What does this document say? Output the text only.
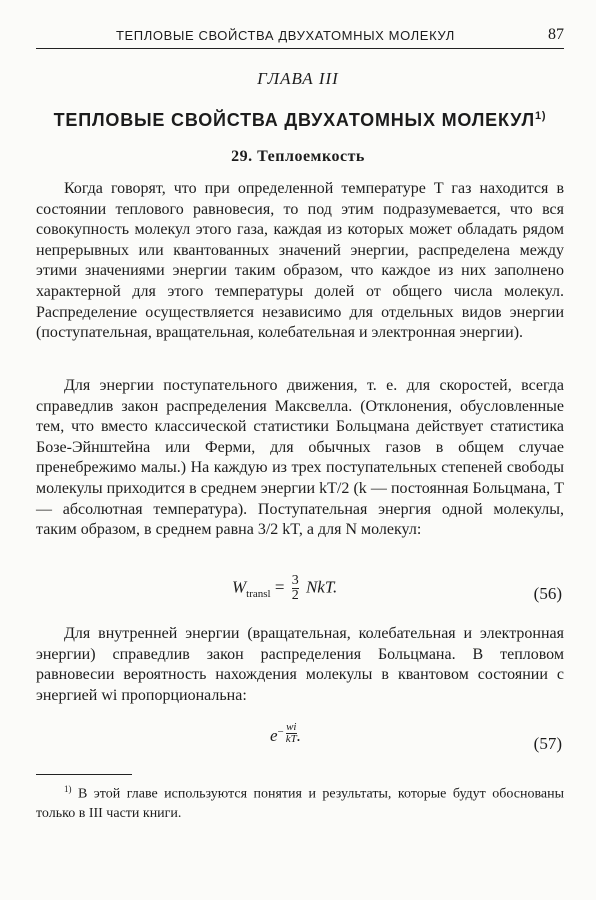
ТЕПЛОВЫЕ СВОЙСТВА ДВУХАТОМНЫХ МОЛЕКУЛ	87
ГЛАВА III
ТЕПЛОВЫЕ СВОЙСТВА ДВУХАТОМНЫХ МОЛЕКУЛ$^{1)}$
29. Теплоемкость

Когда говорят, что при определенной температуре T газ находится в состоянии теплового равновесия, то под этим подразумевается, что вся совокупность молекул этого газа, каждая из которых может обладать рядом непрерывных или квантованных значений энергии, распределена между этими значениями энергии таким образом, что каждое из них заполнено характерной для этого температуры долей от общего числа молекул. Распределение осуществляется независимо для отдельных видов энергии (поступательная, вращательная, колебательная и электронная энергии).

Для энергии поступательного движения, т. е. для скоростей, всегда справедлив закон распределения Максвелла. (Отклонения, обусловленные тем, что вместо классической статистики Больцмана действует статистика Бозе-Эйнштейна или Ферми, для обычных газов в общем случае пренебрежимо малы.) На каждую из трех поступательных степеней свободы молекулы приходится в среднем энергии kT/2 (k — постоянная Больцмана, T — абсолютная температура). Поступательная энергия одной молекулы, таким образом, в среднем равна 3/2 kT, а для N молекул:

$W_{transl} = \frac{3}{2}$ NkT.	(56)

Для внутренней энергии (вращательная, колебательная и электронная энергии) справедлив закон распределения Больцмана. В тепловом равновесии вероятность нахождения молекулы в квантовом состоянии с энергией wi пропорциональна:

$e^- \frac{wi}{kT}$ .	(57)
$^{1)}$ В этой главе используются понятия и результаты, которые будут обоснованы только в III части книги.
